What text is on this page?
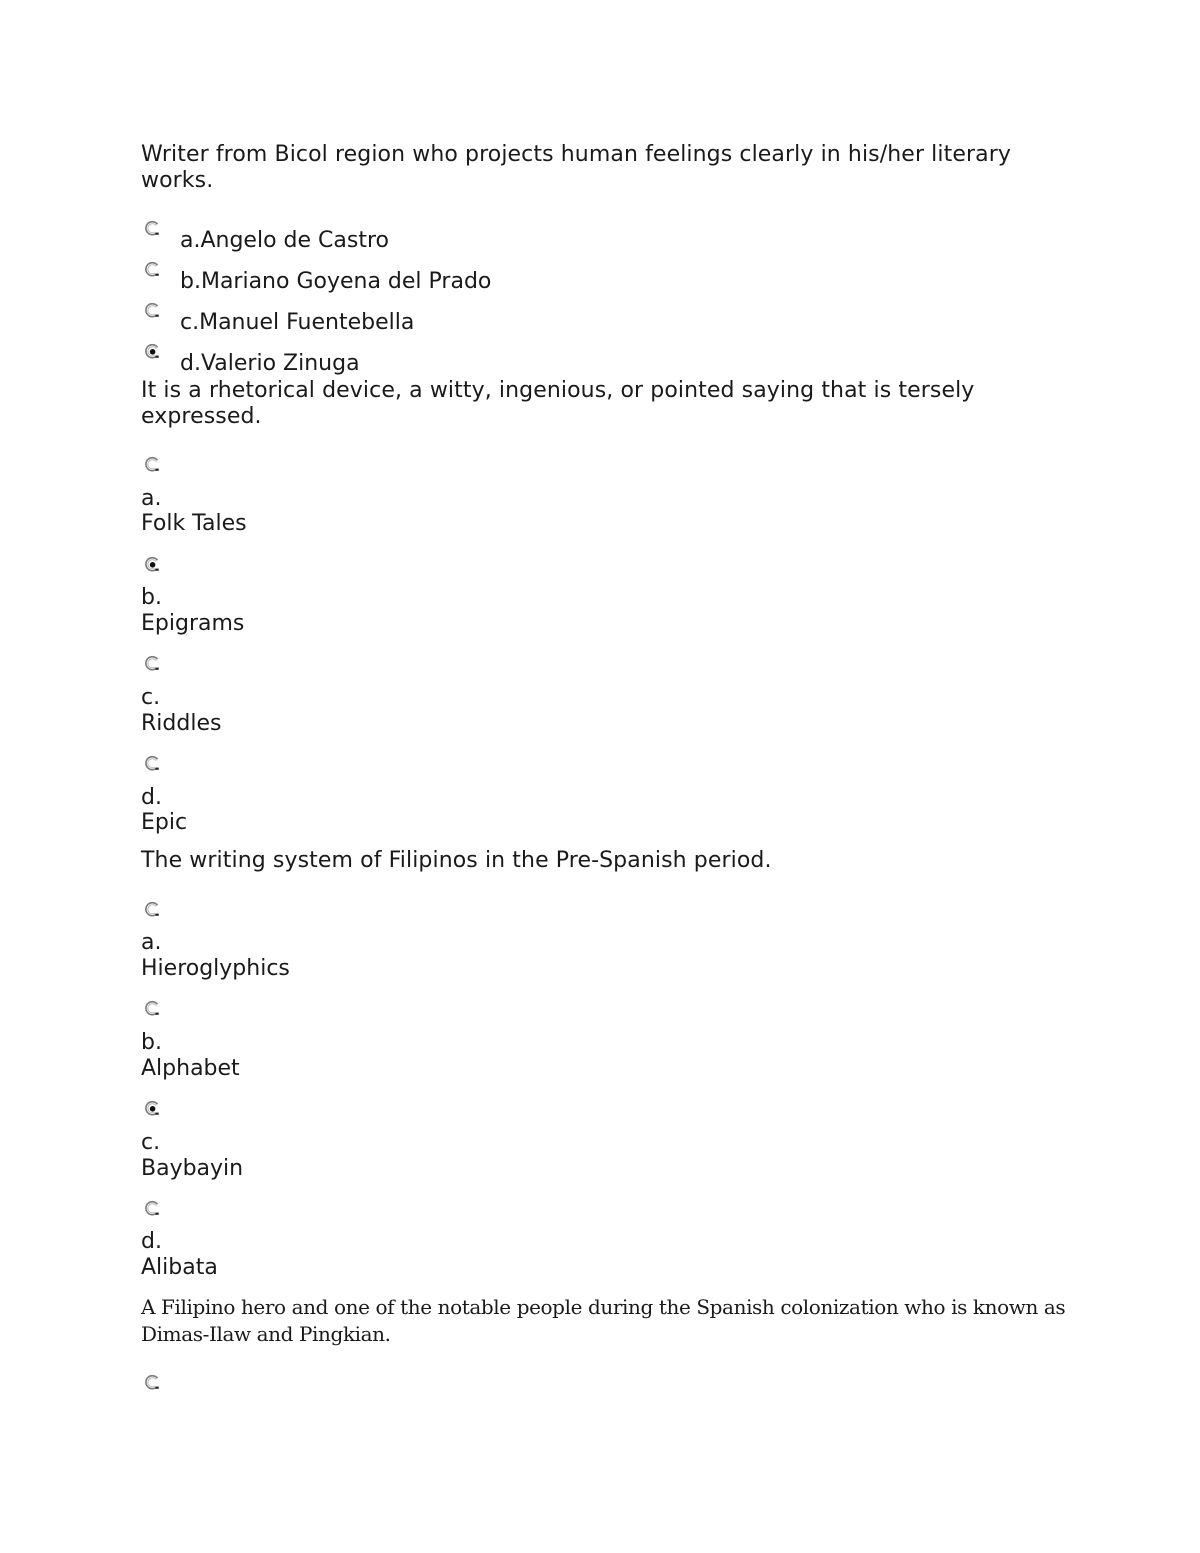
Writer from Bicol region who projects human feelings clearly in his/her literary
works.
a.Angelo de Castro
b.Mariano Goyena del Prado
c.Manuel Fuentebella
d.Valerio Zinuga
It is a rhetorical device, a witty, ingenious, or pointed saying that is tersely
expressed.
a.
Folk Tales
b.
Epigrams
c.
Riddles
d.
Epic
The writing system of Filipinos in the Pre-Spanish period.
a.
Hieroglyphics
b.
Alphabet
c.
Baybayin
d.
Alibata
A Filipino hero and one of the notable people during the Spanish colonization who is known as
Dimas-Ilaw and Pingkian.
